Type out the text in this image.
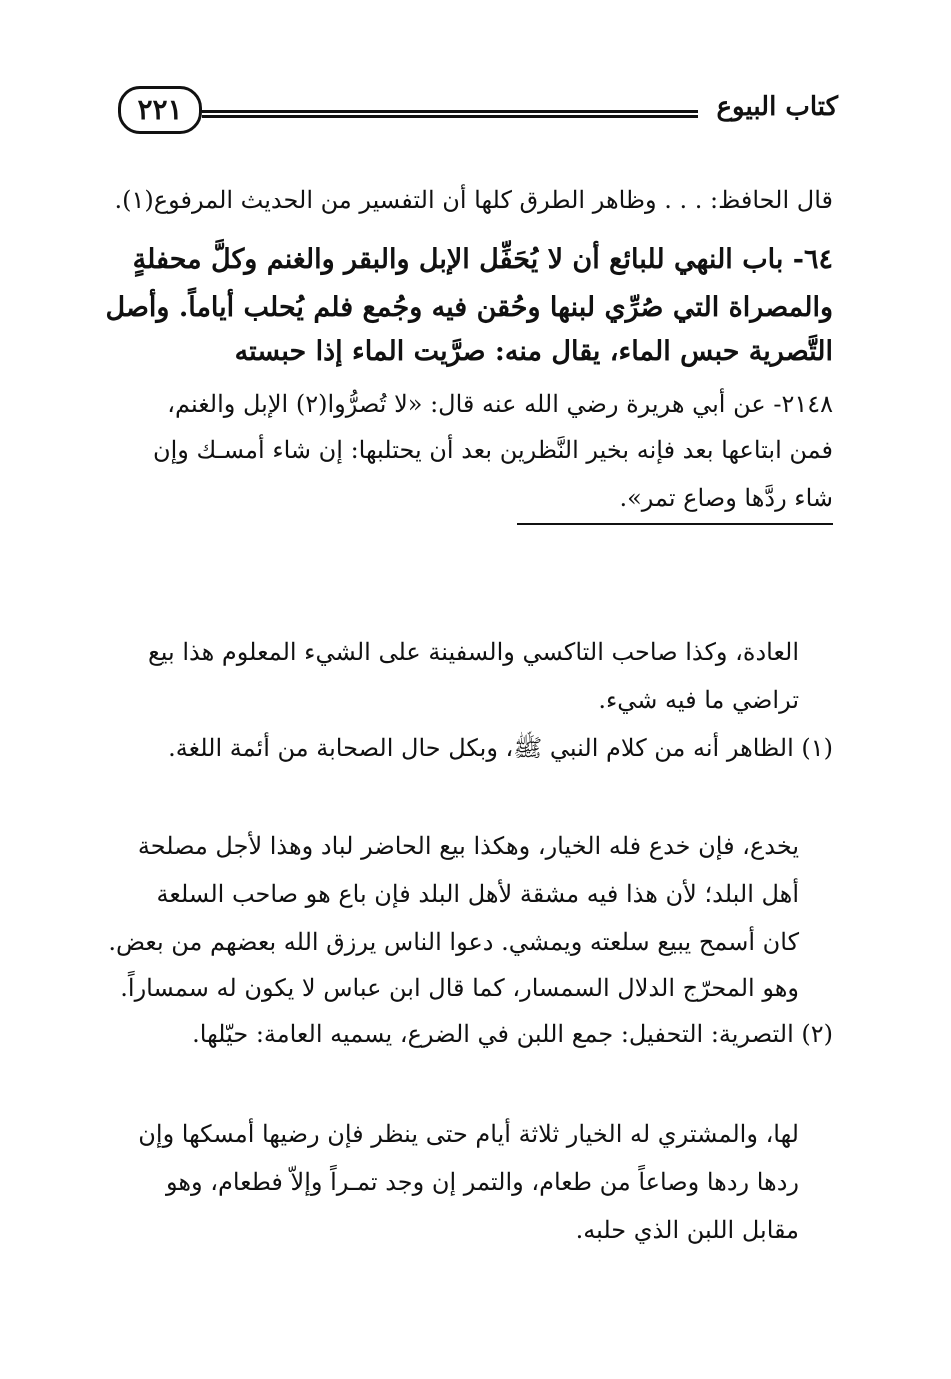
كتاب البيوع
٢٢١
قال الحافظ: . . . وظاهر الطرق كلها أن التفسير من الحديث المرفوع(١).
٦٤- باب النهي للبائع أن لا يُحَفِّل الإبل والبقر والغنم وكلَّ محفلةٍ
والمصراة التي صُرِّي لبنها وحُقن فيه وجُمع فلم يُحلب أياماً. وأصل
التَّصرية حبس الماء، يقال منه: صرَّيت الماء إذا حبسته
٢١٤٨- عن أبي هريرة رضي الله عنه قال: «لا تُصرُّوا(٢) الإبل والغنم،
فمن ابتاعها بعد فإنه بخير النَّظرين بعد أن يحتلبها: إن شاء أمسـك وإن
شاء ردَّها وصاع تمر».
العادة، وكذا صاحب التاكسي والسفينة على الشيء المعلوم هذا بيع
تراضي ما فيه شيء.
(١) الظاهر أنه من كلام النبي ﷺ، وبكل حال الصحابة من أئمة اللغة.
يخدع، فإن خدع فله الخيار، وهكذا بيع الحاضر لباد وهذا لأجل مصلحة
أهل البلد؛ لأن هذا فيه مشقة لأهل البلد فإن باع هو صاحب السلعة
كان أسمح يبيع سلعته ويمشي. دعوا الناس يرزق الله بعضهم من بعض.
وهو المحرّج الدلال السمسار، كما قال ابن عباس لا يكون له سمساراً.
(٢) التصرية: التحفيل: جمع اللبن في الضرع، يسميه العامة: حيّلها.
لها، والمشتري له الخيار ثلاثة أيام حتى ينظر فإن رضيها أمسكها وإن
ردها ردها وصاعاً من طعام، والتمر إن وجد تمـراً وإلاّ فطعام، وهو
مقابل اللبن الذي حلبه.
